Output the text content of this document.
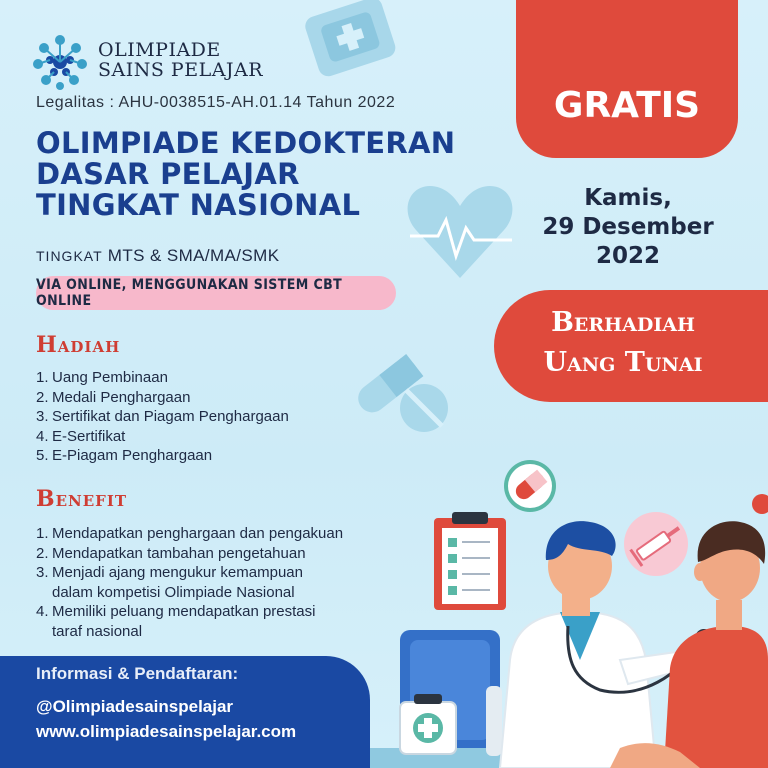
OLIMPIADE
SAINS PELAJAR
Legalitas : AHU-0038515-AH.01.14 Tahun 2022
OLIMPIADE KEDOKTERAN
DASAR PELAJAR
TINGKAT NASIONAL
TINGKAT MTS & SMA/MA/SMK
VIA ONLINE, MENGGUNAKAN SISTEM CBT ONLINE
Hadiah
1. Uang Pembinaan
2. Medali Penghargaan
3. Sertifikat dan Piagam Penghargaan
4. E-Sertifikat
5. E-Piagam Penghargaan
Benefit
1. Mendapatkan penghargaan dan pengakuan
2. Mendapatkan tambahan pengetahuan
3. Menjadi ajang mengukur kemampuan
dalam kompetisi Olimpiade Nasional
4. Memiliki peluang mendapatkan prestasi
taraf nasional
Informasi & Pendaftaran:
@Olimpiadesainspelajar
www.olimpiadesainspelajar.com
GRATIS
Kamis,
29 Desember
2022
Berhadiah
Uang Tunai
